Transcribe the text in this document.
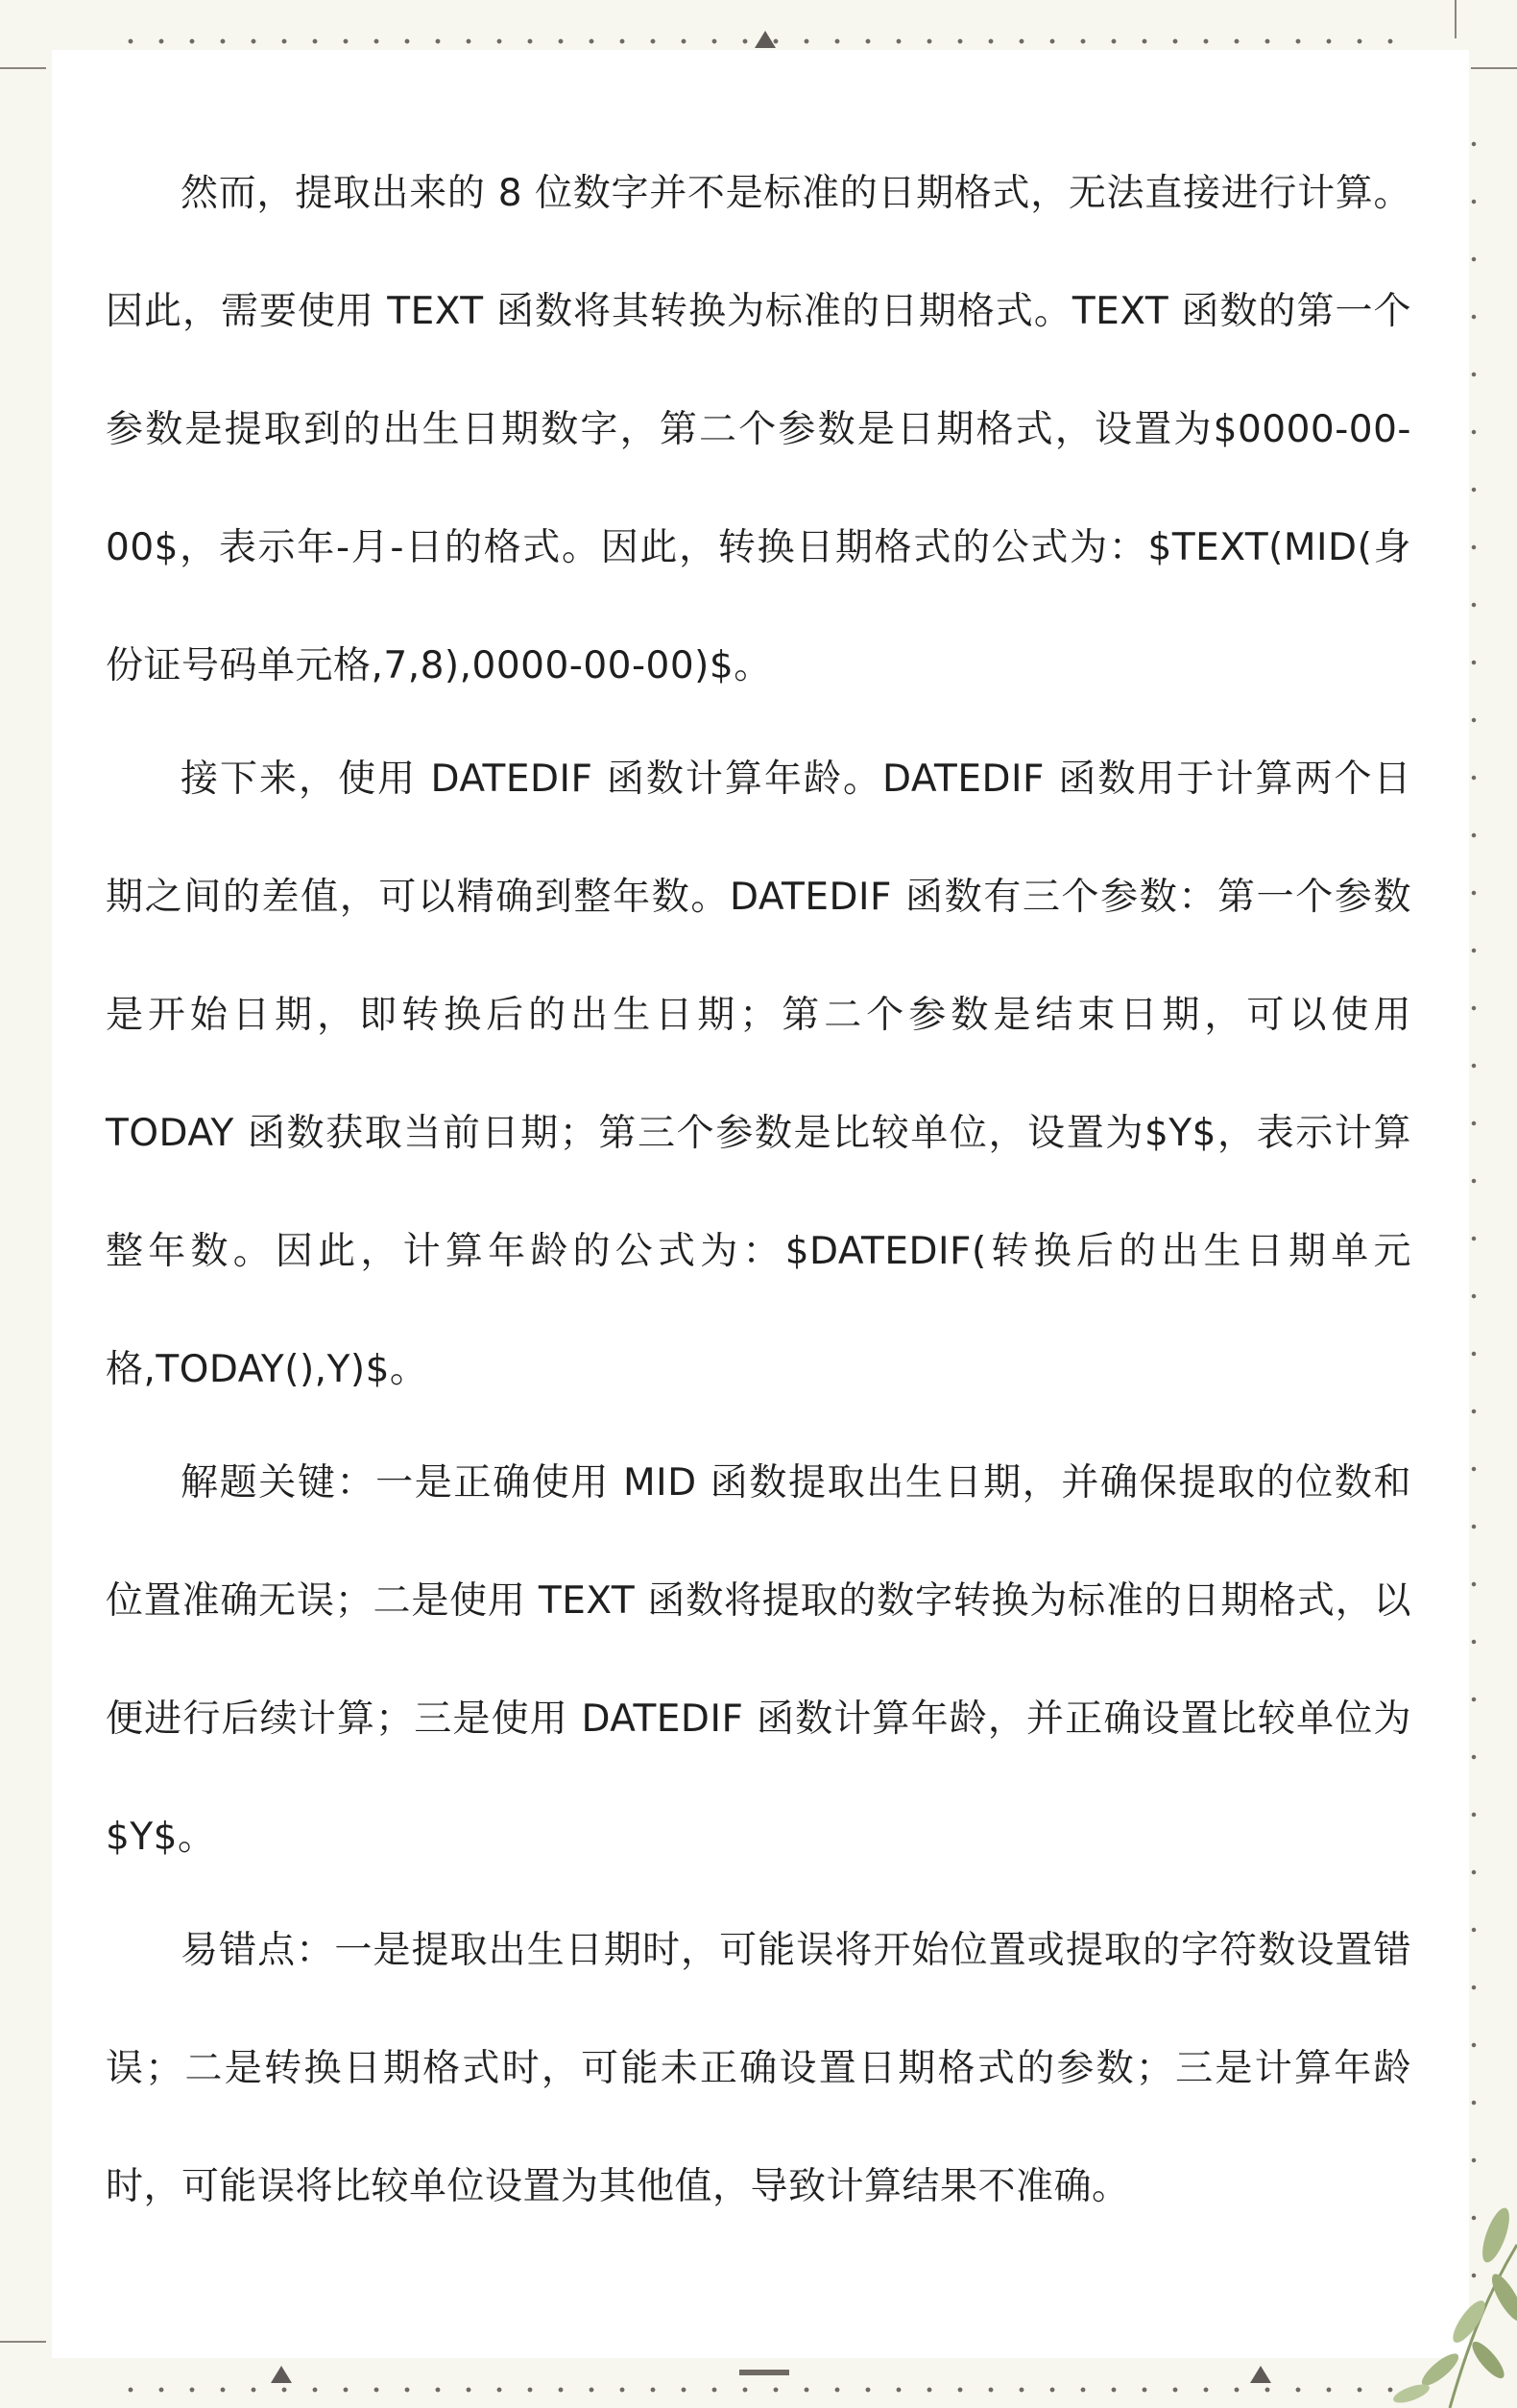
然而，提取出来的 8 位数字并不是标准的日期格式，无法直接进行计算。因此，需要使用 TEXT 函数将其转换为标准的日期格式。TEXT 函数的第一个参数是提取到的出生日期数字，第二个参数是日期格式，设置为$0000-00-00$，表示年-月-日的格式。因此，转换日期格式的公式为：$TEXT(MID(身份证号码单元格,7,8),0000-00-00)$。

接下来，使用 DATEDIF 函数计算年龄。DATEDIF 函数用于计算两个日期之间的差值，可以精确到整年数。DATEDIF 函数有三个参数：第一个参数是开始日期，即转换后的出生日期；第二个参数是结束日期，可以使用 TODAY 函数获取当前日期；第三个参数是比较单位，设置为$Y$，表示计算整年数。因此，计算年龄的公式为：$DATEDIF(转换后的出生日期单元格,TODAY(),Y)$。

解题关键：一是正确使用 MID 函数提取出生日期，并确保提取的位数和位置准确无误；二是使用 TEXT 函数将提取的数字转换为标准的日期格式，以便进行后续计算；三是使用 DATEDIF 函数计算年龄，并正确设置比较单位为$Y$。

易错点：一是提取出生日期时，可能误将开始位置或提取的字符数设置错误；二是转换日期格式时，可能未正确设置日期格式的参数；三是计算年龄时，可能误将比较单位设置为其他值，导致计算结果不准确。
